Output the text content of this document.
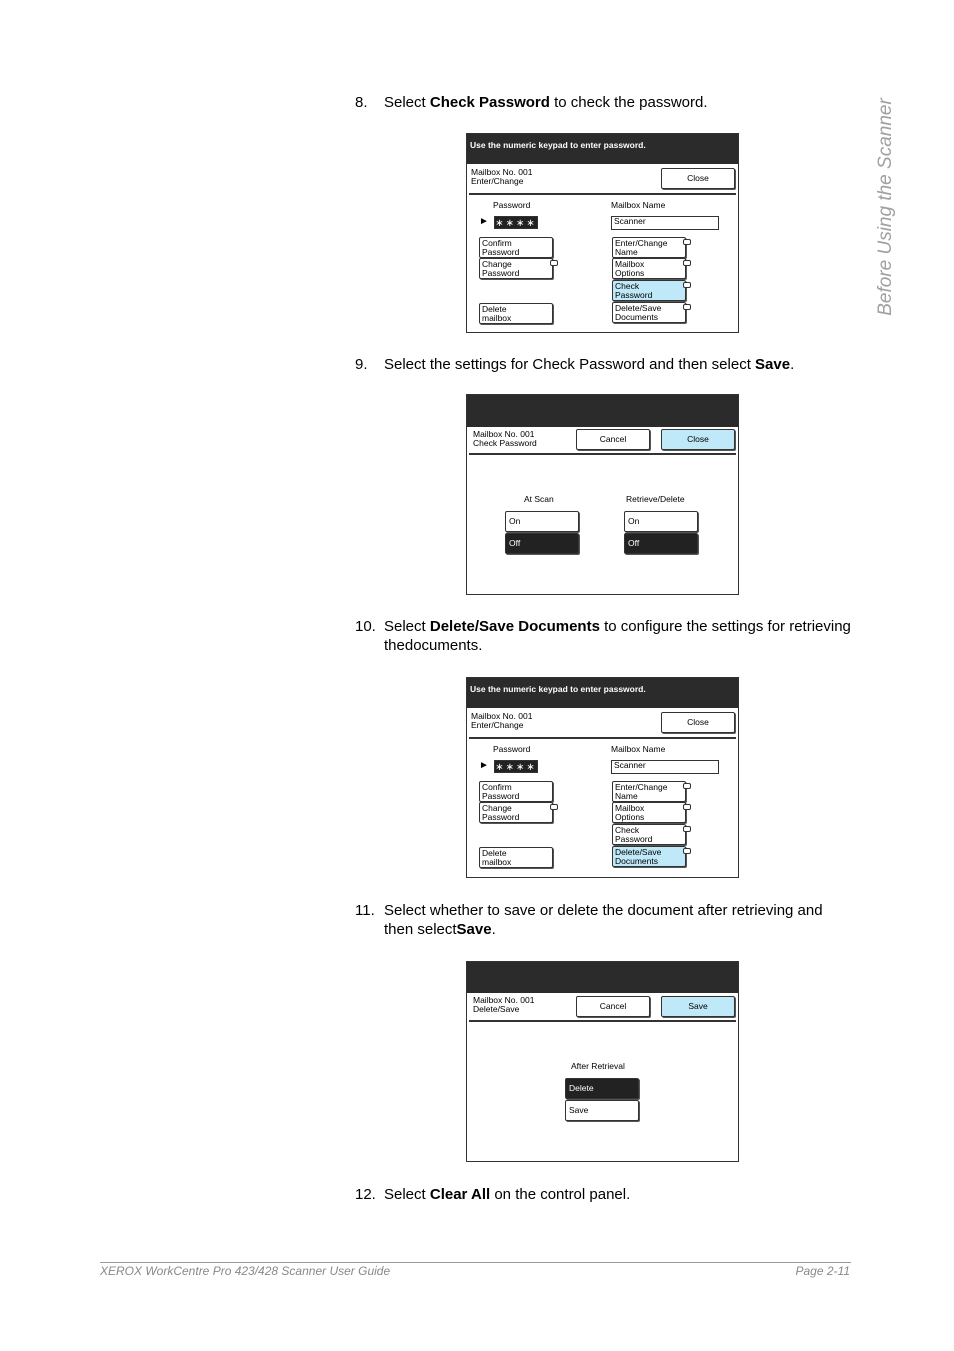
Before Using the Scanner
8. Select Check Password to check the password.
Use the numeric keypad to enter password.
Mailbox No. 001
Enter/Change	Close
Password	Mailbox Name
► ∗∗∗∗	Scanner
Confirm
Password
Change
Password
Delete
mailbox
Enter/Change
Name
Mailbox
Options
Check
Password
Delete/Save
Documents
9. Select the settings for Check Password and then select Save.
Mailbox No. 001
Check Password	Cancel	Close
At Scan	Retrieve/Delete
On
Off
On
Off
10. Select Delete/Save Documents to configure the settings for retrieving thedocuments.
Use the numeric keypad to enter password.
Mailbox No. 001
Enter/Change	Close
Password	Mailbox Name
► ∗∗∗∗	Scanner
Confirm
Password
Change
Password
Delete
mailbox
Enter/Change
Name
Mailbox
Options
Check
Password
Delete/Save
Documents
11. Select whether to save or delete the document after retrieving and then selectSave.
Mailbox No. 001
Delete/Save	Cancel	Save
After Retrieval
Delete
Save
12. Select Clear All on the control panel.
XEROX WorkCentre Pro 423/428 Scanner User Guide	Page 2-11
